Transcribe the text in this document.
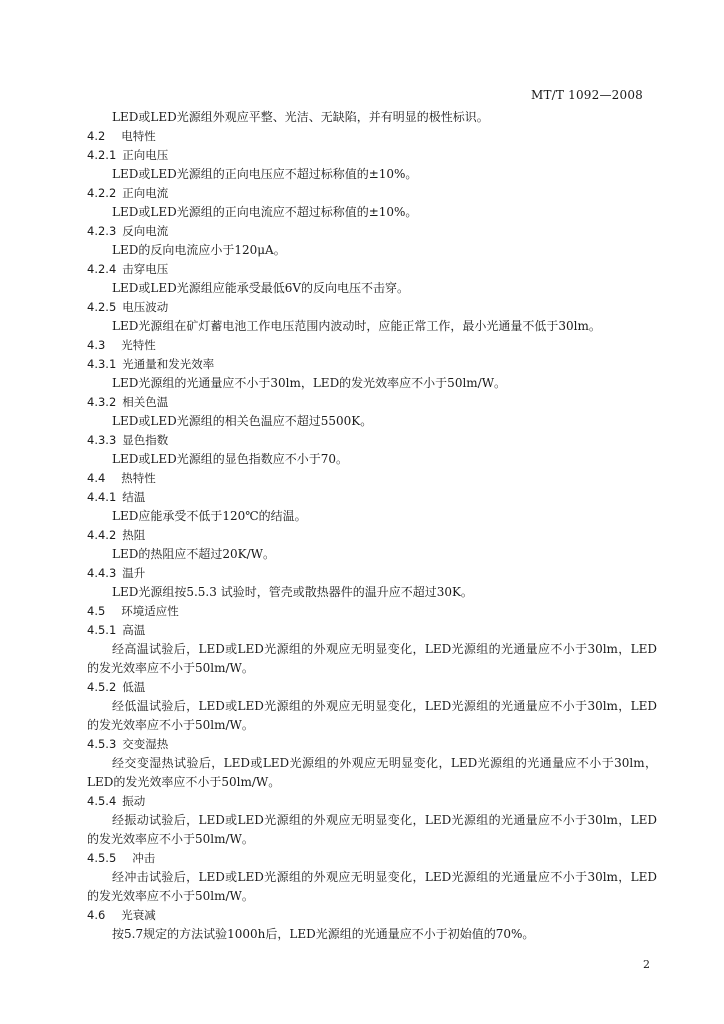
MT/T 1092—2008
LED或LED光源组外观应平整、光洁、无缺陷，并有明显的极性标识。
4.2 电特性
4.2.1 正向电压
LED或LED光源组的正向电压应不超过标称值的±10%。
4.2.2 正向电流
LED或LED光源组的正向电流应不超过标称值的±10%。
4.2.3 反向电流
LED的反向电流应小于120μA。
4.2.4 击穿电压
LED或LED光源组应能承受最低6V的反向电压不击穿。
4.2.5 电压波动
LED光源组在矿灯蓄电池工作电压范围内波动时，应能正常工作，最小光通量不低于30lm。
4.3 光特性
4.3.1 光通量和发光效率
LED光源组的光通量应不小于30lm，LED的发光效率应不小于50lm/W。
4.3.2 相关色温
LED或LED光源组的相关色温应不超过5500K。
4.3.3 显色指数
LED或LED光源组的显色指数应不小于70。
4.4 热特性
4.4.1 结温
LED应能承受不低于120℃的结温。
4.4.2 热阻
LED的热阻应不超过20K/W。
4.4.3 温升
LED光源组按5.5.3 试验时，管壳或散热器件的温升应不超过30K。
4.5 环境适应性
4.5.1 高温
经高温试验后，LED或LED光源组的外观应无明显变化，LED光源组的光通量应不小于30lm，LED
的发光效率应不小于50lm/W。
4.5.2 低温
经低温试验后，LED或LED光源组的外观应无明显变化，LED光源组的光通量应不小于30lm，LED
的发光效率应不小于50lm/W。
4.5.3 交变湿热
经交变湿热试验后，LED或LED光源组的外观应无明显变化，LED光源组的光通量应不小于30lm，
LED的发光效率应不小于50lm/W。
4.5.4 振动
经振动试验后，LED或LED光源组的外观应无明显变化，LED光源组的光通量应不小于30lm，LED
的发光效率应不小于50lm/W。
4.5.5 冲击
经冲击试验后，LED或LED光源组的外观应无明显变化，LED光源组的光通量应不小于30lm，LED
的发光效率应不小于50lm/W。
4.6 光衰减
按5.7规定的方法试验1000h后，LED光源组的光通量应不小于初始值的70%。
2
